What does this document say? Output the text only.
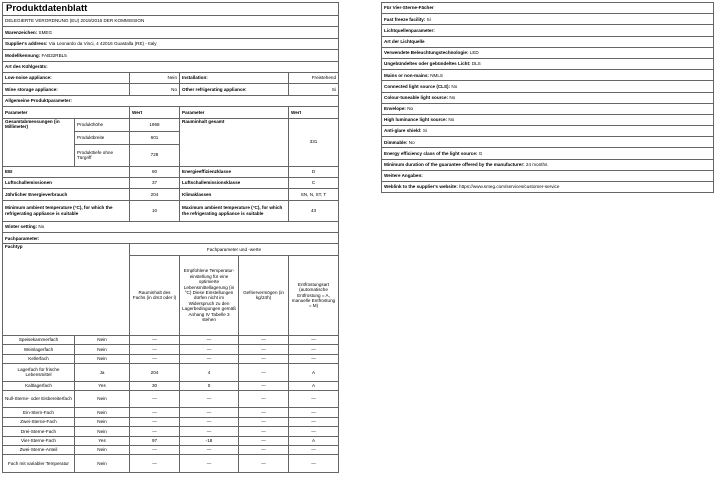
Produktdatenblatt					
DELEGIERTE VERORDNUNG (EU) 2019/2016 DER KOMMISSION					
Warenzeichen: SMEG					
Supplier's address: Via Leonardo da Vinci, 4 42016 Guastalla (RE) - Italy					
Modellkennung: FAB32RBL5					
Art des Kühlgeräts:					
Low-noise appliance:		Nein	Installation:		Freistehend
Wine storage appliance:		No	Other refrigerating appliance:		Si
Allgemeine Produktparameter:					
Parameter		Wert	Parameter		Wert
Gesamtabmessungen (in Millimeter)	Produkthöhe	1968	Rauminhalt gesamt		331
	Produktbreite	601			
	Produkttiefe ohne Türgriff	728			
EEI		80	Energieeffizienzklasse		D
Luftschallemissionen		37	Luftschallemissionsklasse		C
Jährlicher Energieverbrauch		204	Klimaklassen		SN, N, ST, T
Minimum ambient temperature (°C), for which the refrigerating appliance is suitable		10	Maximum ambient temperature (°C), for which the refrigerating appliance is suitable		43
Winter setting: No					
Fachparameter:					
Fachtyp		Fachparameter und -werte			
		Rauminhalt des Fachs (in dm3 oder l)	Empfohlene Temperatur-einstellung für eine optimierte Lebensmittellagerung (in °C) Diese Einstellungen dürfen nicht im Widerspruch zu den Lagerbedingungen gemäß Anhang IV Tabelle 3 stehen	Gefriervermögen (in kg/24h)	Entfrostungsart (automatische Entfrostung = A, manuelle Entfrostung = M)
Speisekammerfach	Nein	—	—	—	—
Weinlagerfach	Nein	—	—	—	—
Kellerfach	Nein	—	—	—	—
Lagerfach für frische Lebensmittel	Ja	204	4	—	A
Kaltlagerfach	Yes	30	0	—	A
Null-Sterne- oder Eisbereiterfach	Nein	—	—	—	—
Ein-Stern-Fach	Nein	—	—	—	—
Zwei-Sterne-Fach	Nein	—	—	—	—
Drei-Sterne-Fach	Nein	—	—	—	—
Vier-Sterne-Fach	Yes	97	-18	—	A
Zwei-Sterne-Anteil	Nein	—	—	—	—
Fach mit variabler Temperatur	Nein	—	—	—	—
Für Vier-Sterne-Fächer
Fast freeze facility: Si
Lichtquellenparameter:
Art der Lichtquelle
Verwendete Beleuchtungstechnologie: LED
Ungebündeltes oder gebündeltes Licht: DLS
Mains or non-mains: NMLS
Connected light source (CLS): No
Colour-tuneable light source: No
Envelope: No
High luminance light source: No
Anti-glare shield: Si
Dimmable: No
Energy efficiency class of the light source: G
Minimum duration of the guarantee offered by the manufacturer: 24 months
Weitere Angaben:
Weblink to the supplier's website: https://www.smeg.com/services/customer-service
